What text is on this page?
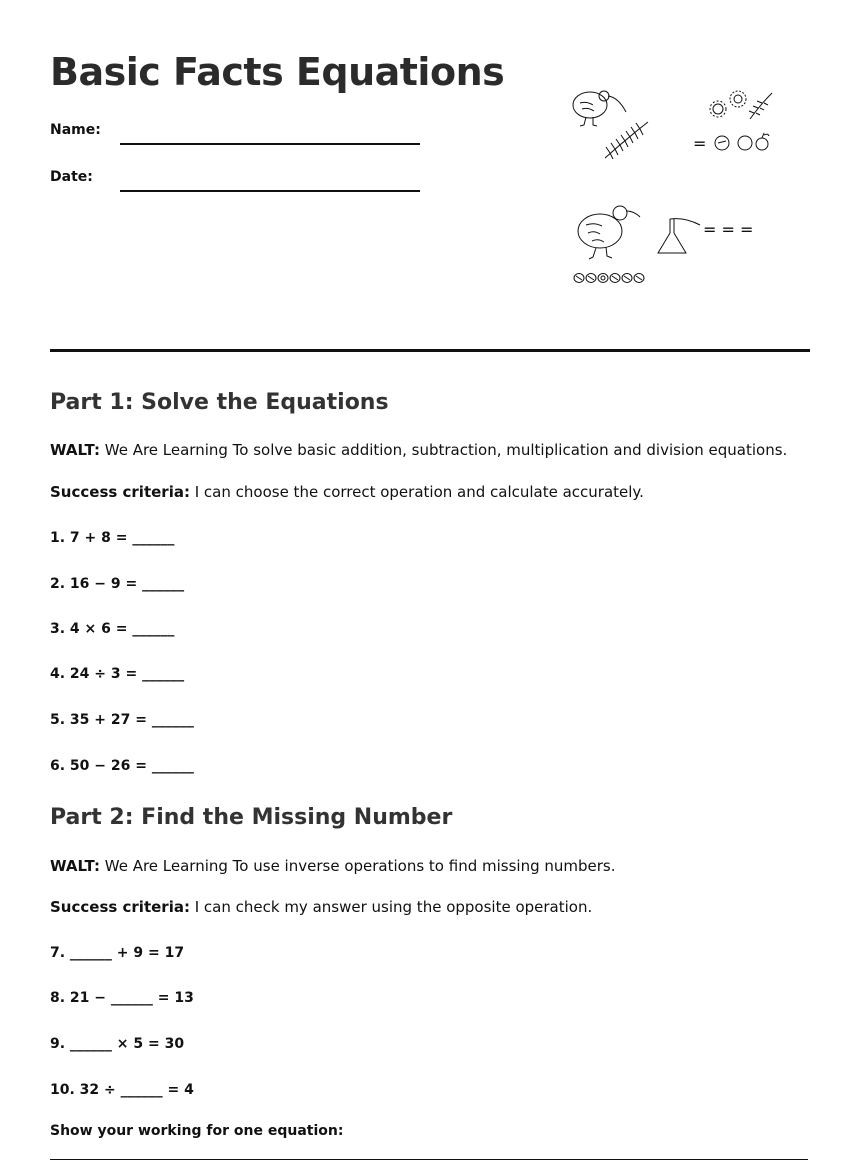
Basic Facts Equations
Name:
Date:
=
= = =
Part 1: Solve the Equations

WALT: We Are Learning To solve basic addition, subtraction, multiplication and division equations.

Success criteria: I can choose the correct operation and calculate accurately.

1. 7 + 8 = ______
2. 16 − 9 = ______
3. 4 × 6 = ______
4. 24 ÷ 3 = ______
5. 35 + 27 = ______
6. 50 − 26 = ______
Part 2: Find the Missing Number

WALT: We Are Learning To use inverse operations to find missing numbers.

Success criteria: I can check my answer using the opposite operation.

7. ______ + 9 = 17
8. 21 − ______ = 13
9. ______ × 5 = 30
10. 32 ÷ ______ = 4
Show your working for one equation:
